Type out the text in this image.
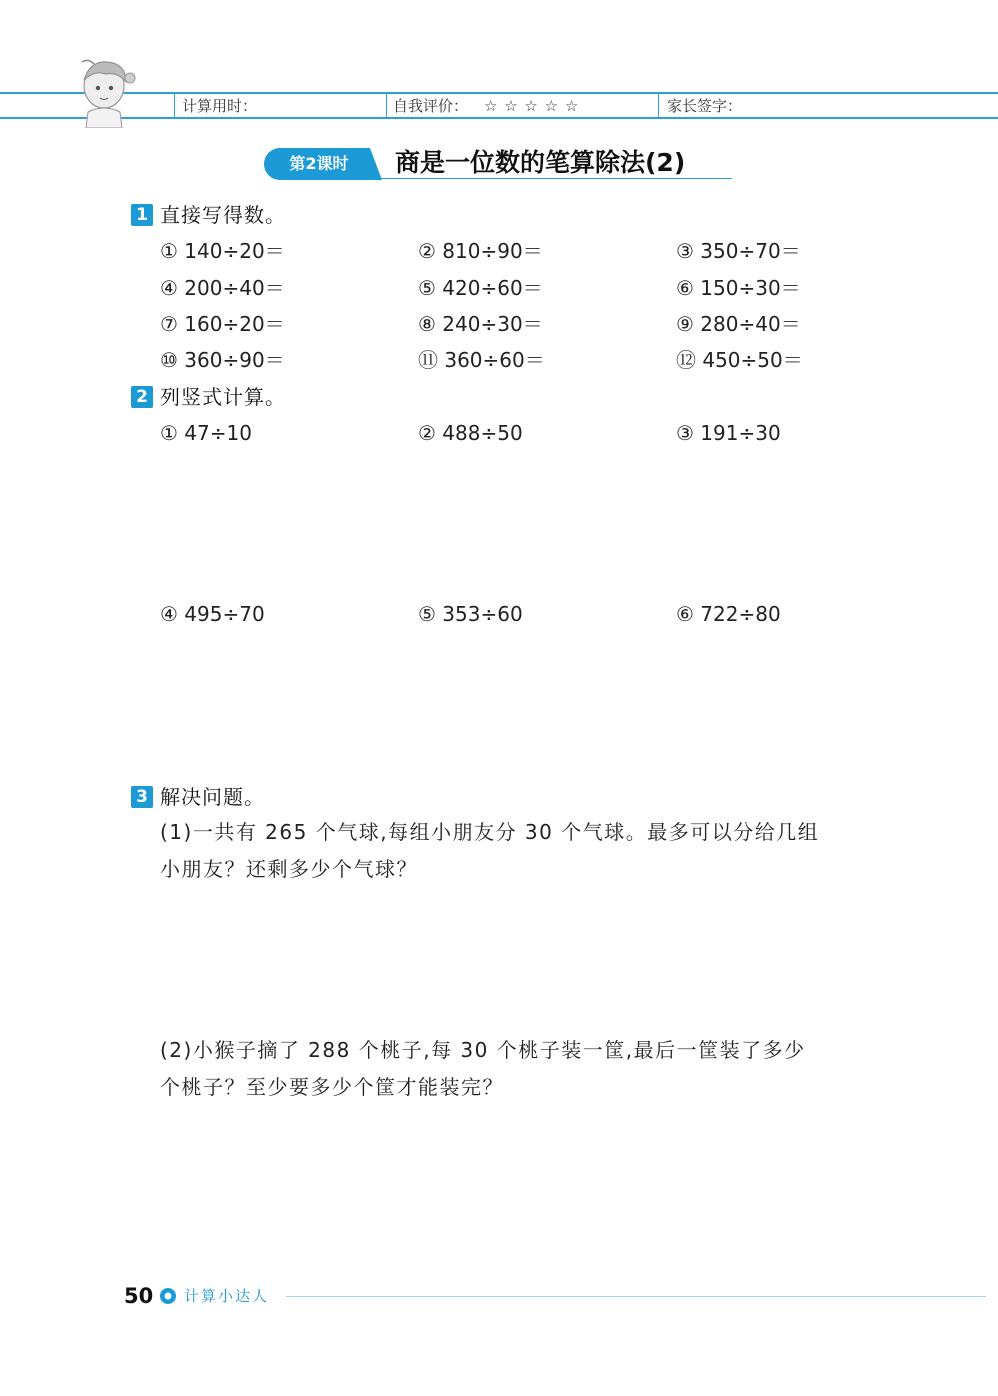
计算用时：	自我评价： ☆ ☆ ☆ ☆ ☆	家长签字：
第2课时	商是一位数的笔算除法(2)
1 直接写得数。
① 140÷20＝	② 810÷90＝	③ 350÷70＝
④ 200÷40＝	⑤ 420÷60＝	⑥ 150÷30＝
⑦ 160÷20＝	⑧ 240÷30＝	⑨ 280÷40＝
⑩ 360÷90＝	⑪ 360÷60＝	⑫ 450÷50＝
2 列竖式计算。
① 47÷10	② 488÷50	③ 191÷30
④ 495÷70	⑤ 353÷60	⑥ 722÷80
3 解决问题。
(1)一共有 265 个气球,每组小朋友分 30 个气球。最多可以分给几组
小朋友？还剩多少个气球？
(2)小猴子摘了 288 个桃子,每 30 个桃子装一筐,最后一筐装了多少
个桃子？至少要多少个筐才能装完？
50 计算小达人
